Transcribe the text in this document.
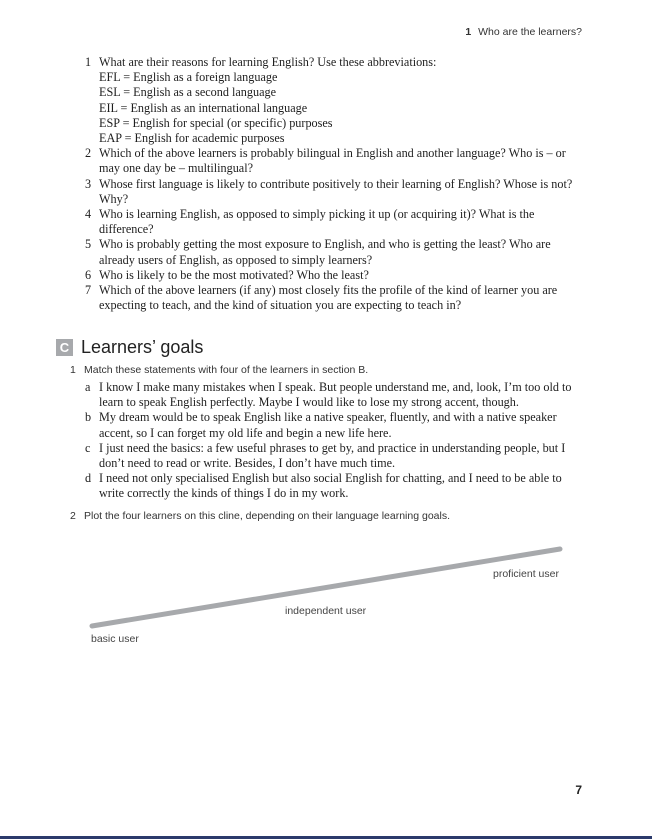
1 Who are the learners?
1 What are their reasons for learning English? Use these abbreviations:
EFL = English as a foreign language
ESL = English as a second language
EIL = English as an international language
ESP = English for special (or specific) purposes
EAP = English for academic purposes
2 Which of the above learners is probably bilingual in English and another language? Who is – or may one day be – multilingual?
3 Whose first language is likely to contribute positively to their learning of English? Whose is not? Why?
4 Who is learning English, as opposed to simply picking it up (or acquiring it)? What is the difference?
5 Who is probably getting the most exposure to English, and who is getting the least? Who are already users of English, as opposed to simply learners?
6 Who is likely to be the most motivated? Who the least?
7 Which of the above learners (if any) most closely fits the profile of the kind of learner you are expecting to teach, and the kind of situation you are expecting to teach in?
C Learners’ goals
1 Match these statements with four of the learners in section B.
a I know I make many mistakes when I speak. But people understand me, and, look, I’m too old to learn to speak English perfectly. Maybe I would like to lose my strong accent, though.
b My dream would be to speak English like a native speaker, fluently, and with a native speaker accent, so I can forget my old life and begin a new life here.
c I just need the basics: a few useful phrases to get by, and practice in understanding people, but I don’t need to read or write. Besides, I don’t have much time.
d I need not only specialised English but also social English for chatting, and I need to be able to write correctly the kinds of things I do in my work.
2 Plot the four learners on this cline, depending on their language learning goals.
proficient user
independent user
basic user
7
